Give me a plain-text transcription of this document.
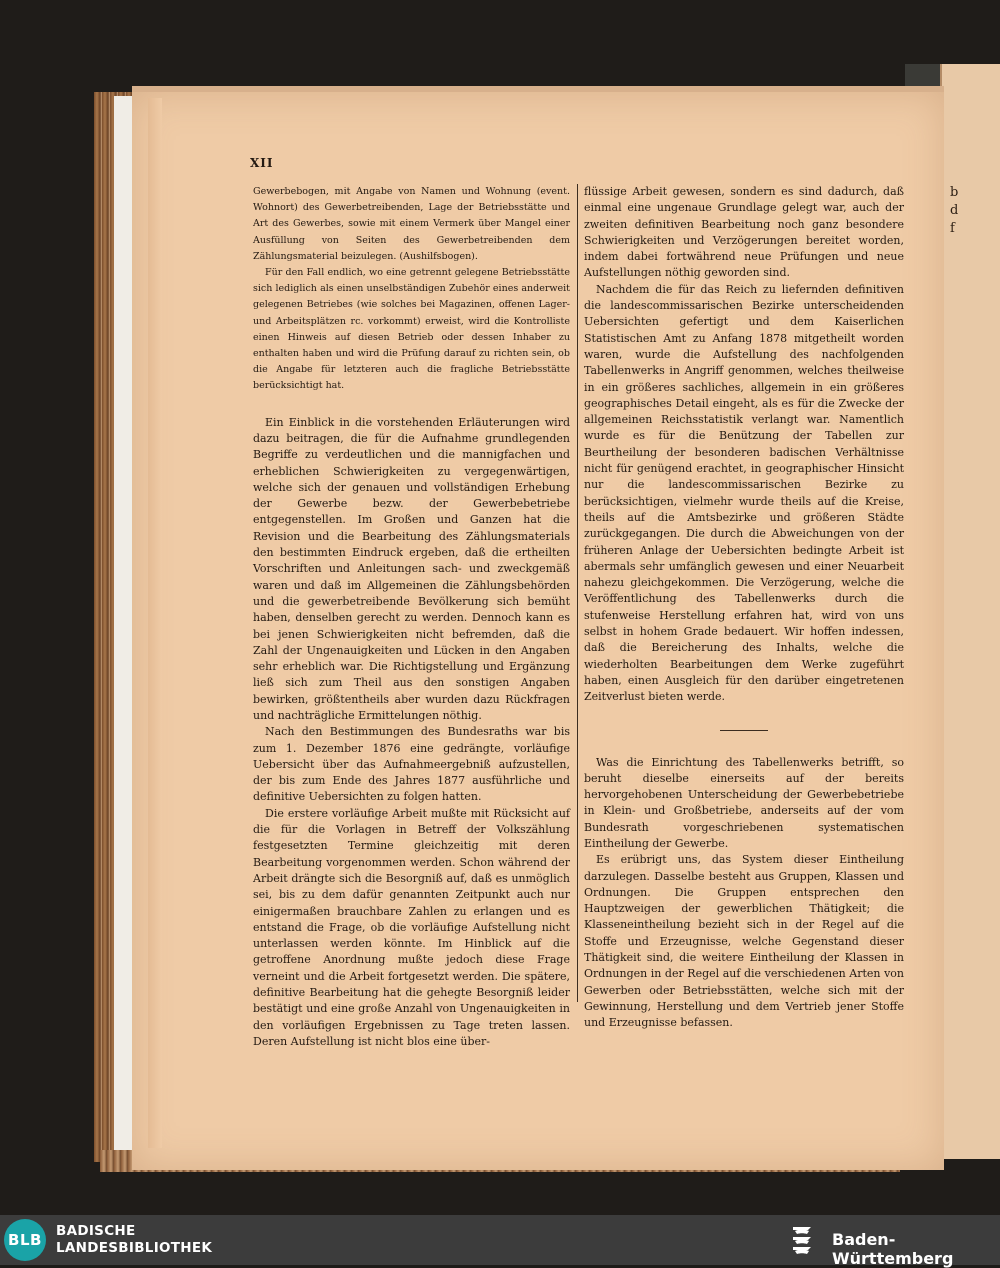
b
d
f
XII

Gewerbebogen, mit Angabe von Namen und Wohnung (event. Wohnort) des Gewerbetreibenden, Lage der Betriebsstätte und Art des Gewerbes, sowie mit einem Vermerk über Mangel einer Ausfüllung von Seiten des Gewerbetreibenden dem Zählungsmaterial beizulegen. (Aushilfsbogen).

Für den Fall endlich, wo eine getrennt gelegene Betriebsstätte sich lediglich als einen unselbständigen Zubehör eines anderweit gelegenen Betriebes (wie solches bei Magazinen, offenen Lager- und Arbeitsplätzen rc. vorkommt) erweist, wird die Kontrolliste einen Hinweis auf diesen Betrieb oder dessen Inhaber zu enthalten haben und wird die Prüfung darauf zu richten sein, ob die Angabe für letzteren auch die fragliche Betriebsstätte berücksichtigt hat.

Ein Einblick in die vorstehenden Erläuterungen wird dazu beitragen, die für die Aufnahme grundlegenden Begriffe zu verdeutlichen und die mannigfachen und erheblichen Schwierigkeiten zu vergegenwärtigen, welche sich der genauen und vollständigen Erhebung der Gewerbe bezw. der Gewerbebetriebe entgegenstellen. Im Großen und Ganzen hat die Revision und die Bearbeitung des Zählungsmaterials den bestimmten Eindruck ergeben, daß die ertheilten Vorschriften und Anleitungen sach- und zweckgemäß waren und daß im Allgemeinen die Zählungsbehörden und die gewerbetreibende Bevölkerung sich bemüht haben, denselben gerecht zu werden. Dennoch kann es bei jenen Schwierigkeiten nicht befremden, daß die Zahl der Ungenauigkeiten und Lücken in den Angaben sehr erheblich war. Die Richtigstellung und Ergänzung ließ sich zum Theil aus den sonstigen Angaben bewirken, größtentheils aber wurden dazu Rückfragen und nachträgliche Ermittelungen nöthig.

Nach den Bestimmungen des Bundesraths war bis zum 1. Dezember 1876 eine gedrängte, vorläufige Uebersicht über das Aufnahmeergebniß aufzustellen, der bis zum Ende des Jahres 1877 ausführliche und definitive Uebersichten zu folgen hatten.

Die erstere vorläufige Arbeit mußte mit Rücksicht auf die für die Vorlagen in Betreff der Volkszählung festgesetzten Termine gleichzeitig mit deren Bearbeitung vorgenommen werden. Schon während der Arbeit drängte sich die Besorgniß auf, daß es unmöglich sei, bis zu dem dafür genannten Zeitpunkt auch nur einigermaßen brauchbare Zahlen zu erlangen und es entstand die Frage, ob die vorläufige Aufstellung nicht unterlassen werden könnte. Im Hinblick auf die getroffene Anordnung mußte jedoch diese Frage verneint und die Arbeit fortgesetzt werden. Die spätere, definitive Bearbeitung hat die gehegte Besorgniß leider bestätigt und eine große Anzahl von Ungenauigkeiten in den vorläufigen Ergebnissen zu Tage treten lassen. Deren Aufstellung ist nicht blos eine über-

flüssige Arbeit gewesen, sondern es sind dadurch, daß einmal eine ungenaue Grundlage gelegt war, auch der zweiten definitiven Bearbeitung noch ganz besondere Schwierigkeiten und Verzögerungen bereitet worden, indem dabei fortwährend neue Prüfungen und neue Aufstellungen nöthig geworden sind.

Nachdem die für das Reich zu liefernden definitiven die landescommissarischen Bezirke unterscheidenden Uebersichten gefertigt und dem Kaiserlichen Statistischen Amt zu Anfang 1878 mitgetheilt worden waren, wurde die Aufstellung des nachfolgenden Tabellenwerks in Angriff genommen, welches theilweise in ein größeres sachliches, allgemein in ein größeres geographisches Detail eingeht, als es für die Zwecke der allgemeinen Reichsstatistik verlangt war. Namentlich wurde es für die Benützung der Tabellen zur Beurtheilung der besonderen badischen Verhältnisse nicht für genügend erachtet, in geographischer Hinsicht nur die landescommissarischen Bezirke zu berücksichtigen, vielmehr wurde theils auf die Kreise, theils auf die Amtsbezirke und größeren Städte zurückgegangen. Die durch die Abweichungen von der früheren Anlage der Uebersichten bedingte Arbeit ist abermals sehr umfänglich gewesen und einer Neuarbeit nahezu gleichgekommen. Die Verzögerung, welche die Veröffentlichung des Tabellenwerks durch die stufenweise Herstellung erfahren hat, wird von uns selbst in hohem Grade bedauert. Wir hoffen indessen, daß die Bereicherung des Inhalts, welche die wiederholten Bearbeitungen dem Werke zugeführt haben, einen Ausgleich für den darüber eingetretenen Zeitverlust bieten werde.

Was die Einrichtung des Tabellenwerks betrifft, so beruht dieselbe einerseits auf der bereits hervorgehobenen Unterscheidung der Gewerbebetriebe in Klein- und Großbetriebe, anderseits auf der vom Bundesrath vorgeschriebenen systematischen Eintheilung der Gewerbe.

Es erübrigt uns, das System dieser Eintheilung darzulegen. Dasselbe besteht aus Gruppen, Klassen und Ordnungen. Die Gruppen entsprechen den Hauptzweigen der gewerblichen Thätigkeit; die Klasseneintheilung bezieht sich in der Regel auf die Stoffe und Erzeugnisse, welche Gegenstand dieser Thätigkeit sind, die weitere Eintheilung der Klassen in Ordnungen in der Regel auf die verschiedenen Arten von Gewerben oder Betriebsstätten, welche sich mit der Gewinnung, Herstellung und dem Vertrieb jener Stoffe und Erzeugnisse befassen.

BLB BADISCHE
LANDESBIBLIOTHEK	Baden-Württemberg
